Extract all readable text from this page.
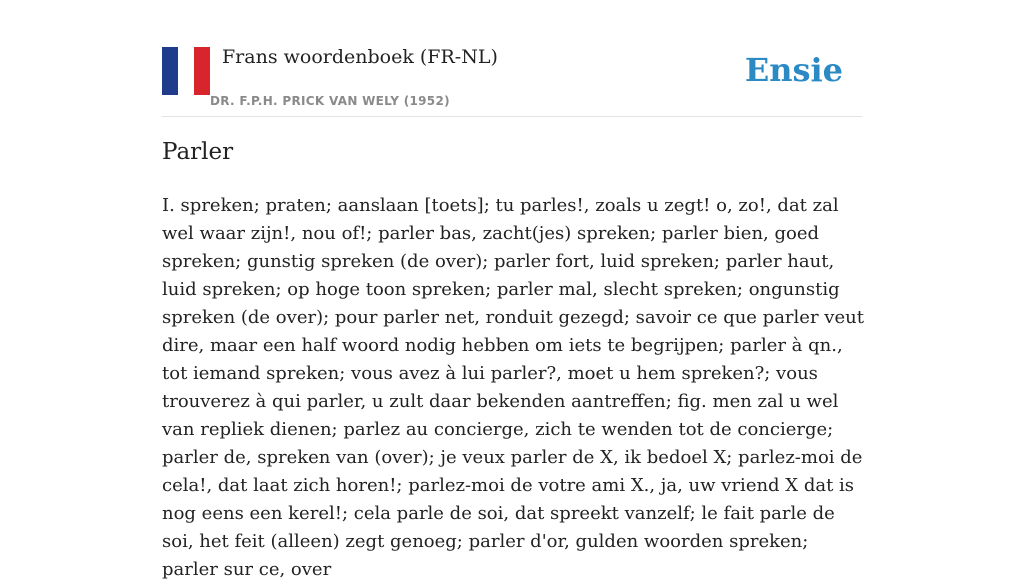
Frans woordenboek (FR-NL)
DR. F.P.H. PRICK VAN WELY (1952)
Ensie
Parler

I. spreken; praten; aanslaan [toets]; tu parles!, zoals u zegt! o, zo!, dat zal wel waar zijn!, nou of!; parler bas, zacht(jes) spreken; parler bien, goed spreken; gunstig spreken (de over); parler fort, luid spreken; parler haut, luid spreken; op hoge toon spreken; parler mal, slecht spreken; ongunstig spreken (de over); pour parler net, ronduit gezegd; savoir ce que parler veut dire, maar een half woord nodig hebben om iets te begrijpen; parler à qn., tot iemand spreken; vous avez à lui parler?, moet u hem spreken?; vous trouverez à qui parler, u zult daar bekenden aantreffen; fig. men zal u wel van repliek dienen; parlez au concierge, zich te wenden tot de concierge; parler de, spreken van (over); je veux parler de X, ik bedoel X; parlez-moi de cela!, dat laat zich horen!; parlez-moi de votre ami X., ja, uw vriend X dat is nog eens een kerel!; cela parle de soi, dat spreekt vanzelf; le fait parle de soi, het feit (alleen) zegt genoeg; parler d'or, gulden woorden spreken; parler sur ce, over
